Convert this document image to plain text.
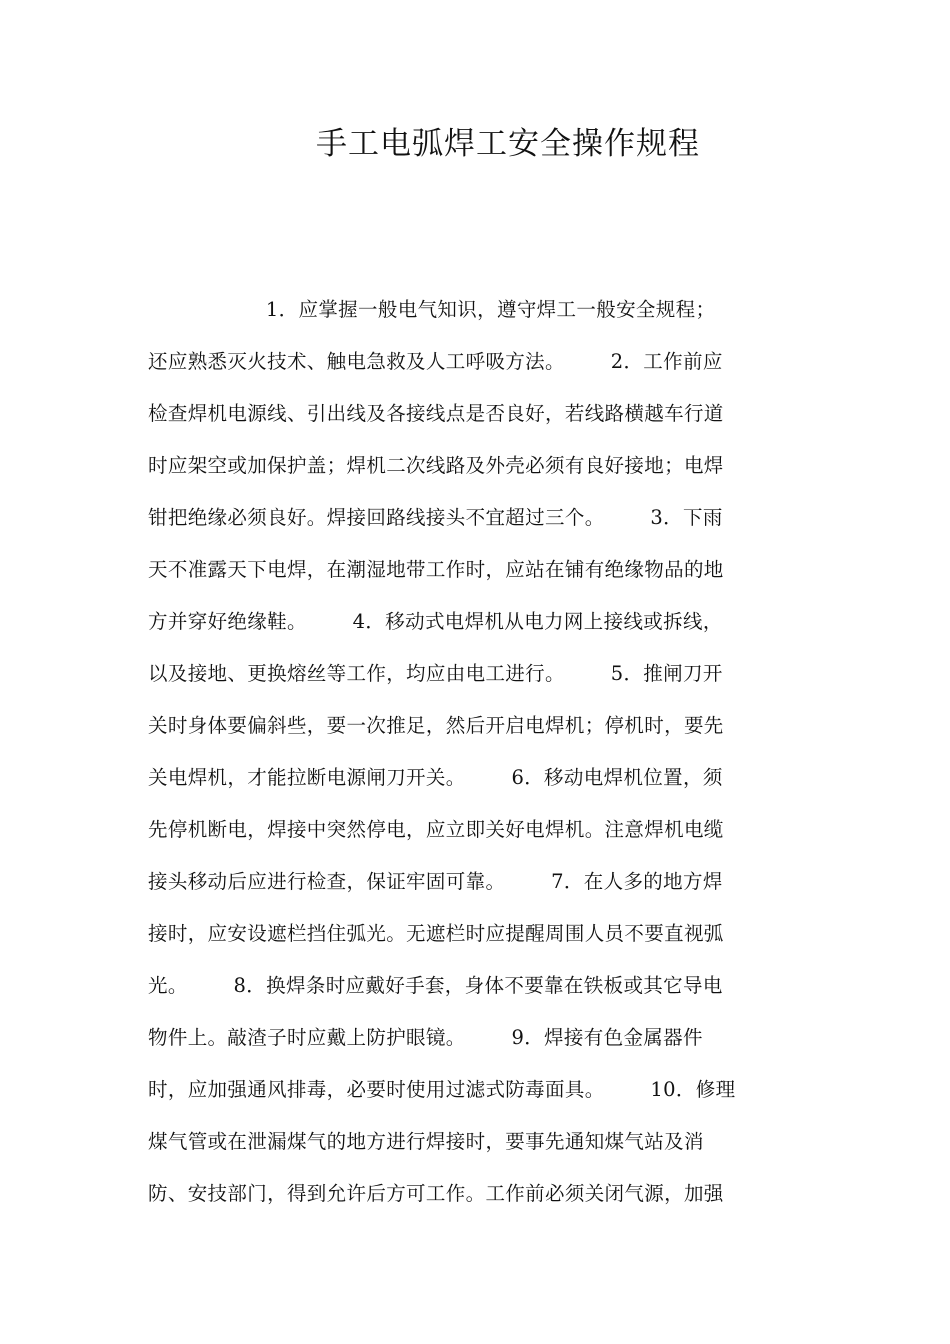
手工电弧焊工安全操作规程
1．应掌握一般电气知识，遵守焊工一般安全规程；
还应熟悉灭火技术、触电急救及人工呼吸方法。       2．工作前应
检查焊机电源线、引出线及各接线点是否良好，若线路横越车行道
时应架空或加保护盖；焊机二次线路及外壳必须有良好接地；电焊
钳把绝缘必须良好。焊接回路线接头不宜超过三个。       3．下雨
天不准露天下电焊，在潮湿地带工作时，应站在铺有绝缘物品的地
方并穿好绝缘鞋。       4．移动式电焊机从电力网上接线或拆线，
以及接地、更换熔丝等工作，均应由电工进行。       5．推闸刀开
关时身体要偏斜些，要一次推足，然后开启电焊机；停机时，要先
关电焊机，才能拉断电源闸刀开关。       6．移动电焊机位置，须
先停机断电，焊接中突然停电，应立即关好电焊机。注意焊机电缆
接头移动后应进行检查，保证牢固可靠。       7．在人多的地方焊
接时，应安设遮栏挡住弧光。无遮栏时应提醒周围人员不要直视弧
光。       8．换焊条时应戴好手套，身体不要靠在铁板或其它导电
物件上。敲渣子时应戴上防护眼镜。       9．焊接有色金属器件
时，应加强通风排毒，必要时使用过滤式防毒面具。       10．修理
煤气管或在泄漏煤气的地方进行焊接时，要事先通知煤气站及消
防、安技部门，得到允许后方可工作。工作前必须关闭气源，加强
